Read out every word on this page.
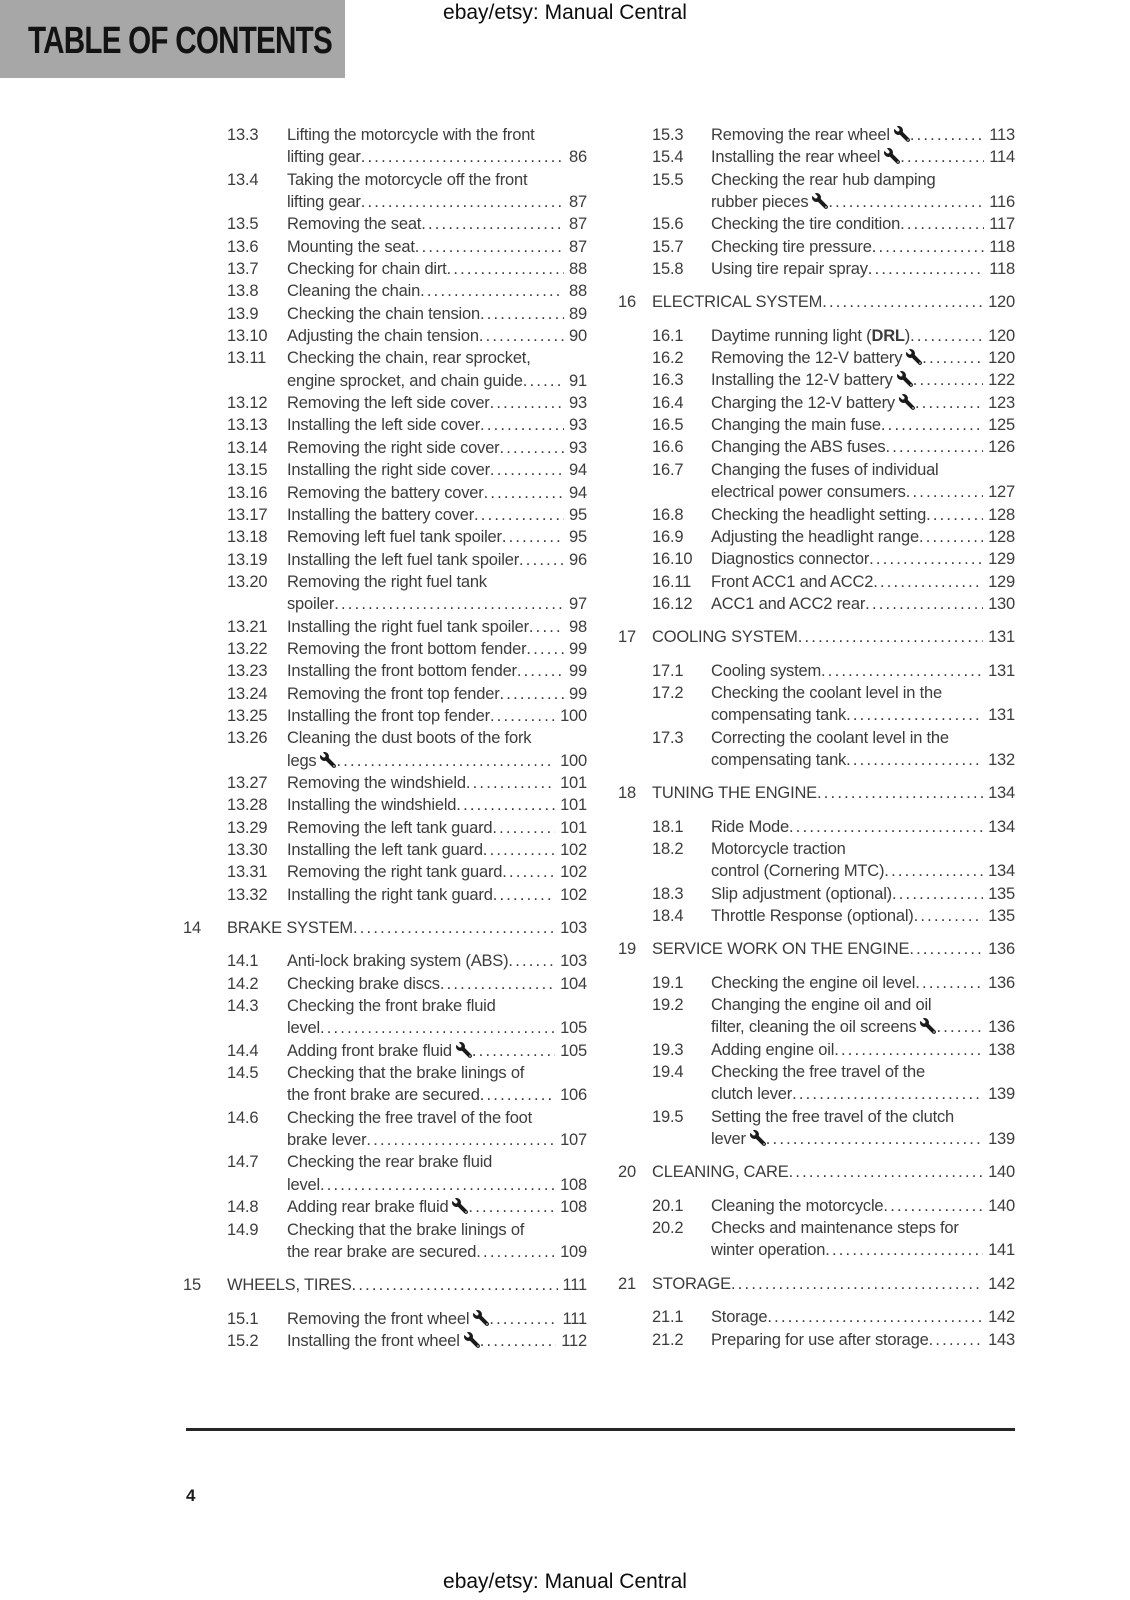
TABLE OF CONTENTS
ebay/etsy: Manual Central
13.3	Lifting the motorcycle with the front
lifting gear .....	86
13.4	Taking the motorcycle off the front
lifting gear .....	87
13.5	Removing the seat .....	87
13.6	Mounting the seat .....	87
13.7	Checking for chain dirt .....	88
13.8	Cleaning the chain .....	88
13.9	Checking the chain tension .....	89
13.10	Adjusting the chain tension .....	90
13.11	Checking the chain, rear sprocket,
engine sprocket, and chain guide .....	91
13.12	Removing the left side cover .....	93
13.13	Installing the left side cover .....	93
13.14	Removing the right side cover .....	93
13.15	Installing the right side cover .....	94
13.16	Removing the battery cover .....	94
13.17	Installing the battery cover .....	95
13.18	Removing left fuel tank spoiler .....	95
13.19	Installing the left fuel tank spoiler .....	96
13.20	Removing the right fuel tank
spoiler .....	97
13.21	Installing the right fuel tank spoiler ..... 98
13.22	Removing the front bottom fender .....	99
13.23	Installing the front bottom fender .....	99
13.24	Removing the front top fender .....	99
13.25	Installing the front top fender .....	100
13.26	Cleaning the dust boots of the fork
legs .....	100
13.27	Removing the windshield .....	101
13.28	Installing the windshield .....	101
13.29	Removing the left tank guard .....	101
13.30	Installing the left tank guard .....	102
13.31	Removing the right tank guard .....	102
13.32	Installing the right tank guard .....	102
14	BRAKE SYSTEM .....	103
14.1	Anti-lock braking system (ABS) .....	103
14.2	Checking brake discs .....	104
14.3	Checking the front brake fluid
level .....	105
14.4	Adding front brake fluid .....	105
14.5	Checking that the brake linings of
the front brake are secured .....	106
14.6	Checking the free travel of the foot
brake lever .....	107
14.7	Checking the rear brake fluid
level .....	108
14.8	Adding rear brake fluid .....	108
14.9	Checking that the brake linings of
the rear brake are secured .....	109
15	WHEELS, TIRES .....	111
15.1	Removing the front wheel .....	111
15.2	Installing the front wheel .....	112
15.3	Removing the rear wheel .....	113
15.4	Installing the rear wheel .....	114
15.5	Checking the rear hub damping
rubber pieces .....	116
15.6	Checking the tire condition .....	117
15.7	Checking tire pressure .....	118
15.8	Using tire repair spray .....	118
16 ELECTRICAL SYSTEM .....	120
16.1	Daytime running light (DRL) .....	120
16.2	Removing the 12-V battery .....	120
16.3	Installing the 12-V battery .....	122
16.4	Charging the 12-V battery .....	123
16.5	Changing the main fuse .....	125
16.6	Changing the ABS fuses .....	126
16.7	Changing the fuses of individual
electrical power consumers .....	127
16.8	Checking the headlight setting .....	128
16.9	Adjusting the headlight range .....	128
16.10	Diagnostics connector .....	129
16.11	Front ACC1 and ACC2 .....	129
16.12	ACC1 and ACC2 rear .....	130
17 COOLING SYSTEM .....	131
17.1	Cooling system .....	131
17.2	Checking the coolant level in the
compensating tank .....	131
17.3	Correcting the coolant level in the
compensating tank .....	132
18 TUNING THE ENGINE .....	134
18.1	Ride Mode .....	134
18.2	Motorcycle traction
control (Cornering MTC) .....	134
18.3	Slip adjustment (optional) .....	135
18.4	Throttle Response (optional) .....	135
19 SERVICE WORK ON THE ENGINE .....	136
19.1	Checking the engine oil level .....	136
19.2	Changing the engine oil and oil
filter, cleaning the oil screens .....	136
19.3	Adding engine oil .....	138
19.4	Checking the free travel of the
clutch lever .....	139
19.5	Setting the free travel of the clutch
lever .....	139
20 CLEANING, CARE .....	140
20.1	Cleaning the motorcycle .....	140
20.2	Checks and maintenance steps for
winter operation .....	141
21 STORAGE .....	142
21.1	Storage .....	142
21.2	Preparing for use after storage .....	143
4
ebay/etsy: Manual Central
